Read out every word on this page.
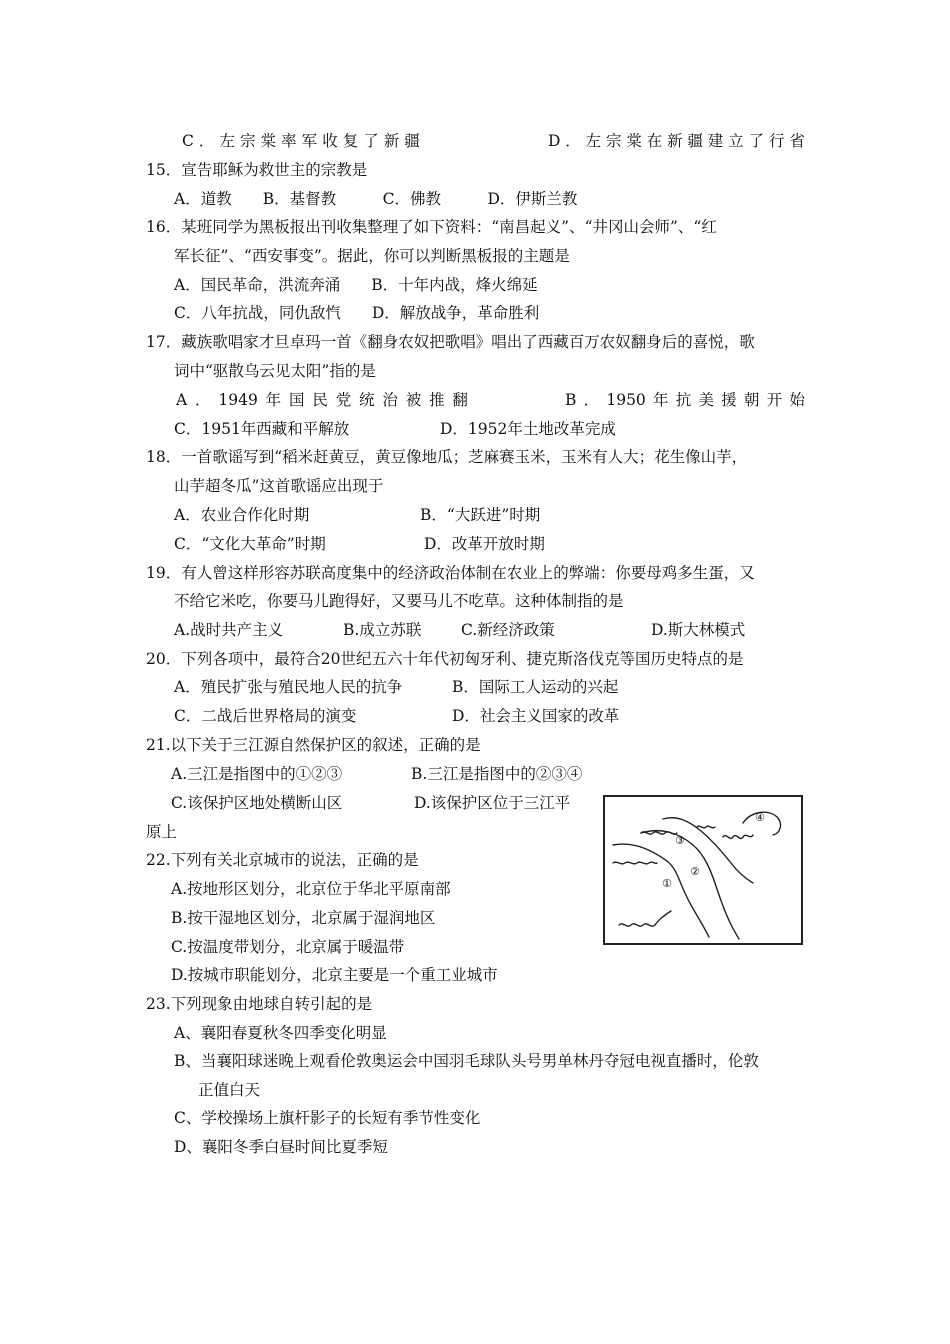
C ． 左 宗 棠 率 军 收 复 了 新 疆	D ． 左 宗 棠 在 新 疆 建 立 了 行 省
15．宣告耶稣为救世主的宗教是
A．道教　　B．基督教　　　C．佛教　　　D．伊斯兰教
16．某班同学为黑板报出刊收集整理了如下资料：“南昌起义”、“井冈山会师”、“红
军长征”、“西安事变”。据此，你可以判断黑板报的主题是
A．国民革命，洪流奔涌　　B．十年内战，烽火绵延
C．八年抗战，同仇敌忾　　D．解放战争，革命胜利
17．藏族歌唱家才旦卓玛一首《翻身农奴把歌唱》唱出了西藏百万农奴翻身后的喜悦，歌
词中“驱散乌云见太阳”指的是
A ． 1949 年 国 民 党 统 治 被 推 翻	B ． 1950 年 抗 美 援 朝 开 始
C．1951年西藏和平解放	D．1952年土地改革完成
18．一首歌谣写到“稻米赶黄豆，黄豆像地瓜；芝麻赛玉米，玉米有人大；花生像山芋，
山芋超冬瓜”这首歌谣应出现于
A．农业合作化时期	B．“大跃进”时期
C．“文化大革命”时期	D．改革开放时期
19．有人曾这样形容苏联高度集中的经济政治体制在农业上的弊端：你要母鸡多生蛋，又
不给它米吃，你要马儿跑得好，又要马儿不吃草。这种体制指的是
A.战时共产主义	B.成立苏联	C.新经济政策	D.斯大林模式
20．下列各项中，最符合20世纪五六十年代初匈牙利、捷克斯洛伐克等国历史特点的是
A．殖民扩张与殖民地人民的抗争	B．国际工人运动的兴起
C．二战后世界格局的演变	D．社会主义国家的改革
21.以下关于三江源自然保护区的叙述，正确的是
A.三江是指图中的①②③	B.三江是指图中的②③④
C.该保护区地处横断山区	D.该保护区位于三江平
原上
22.下列有关北京城市的说法，正确的是
A.按地形区划分，北京位于华北平原南部
B.按干湿地区划分，北京属于湿润地区
C.按温度带划分，北京属于暖温带
D.按城市职能划分，北京主要是一个重工业城市
23.下列现象由地球自转引起的是
A、襄阳春夏秋冬四季变化明显
B、当襄阳球迷晚上观看伦敦奥运会中国羽毛球队头号男单林丹夺冠电视直播时，伦敦
正值白天
C、学校操场上旗杆影子的长短有季节性变化
D、襄阳冬季白昼时间比夏季短
①
②
③
④
